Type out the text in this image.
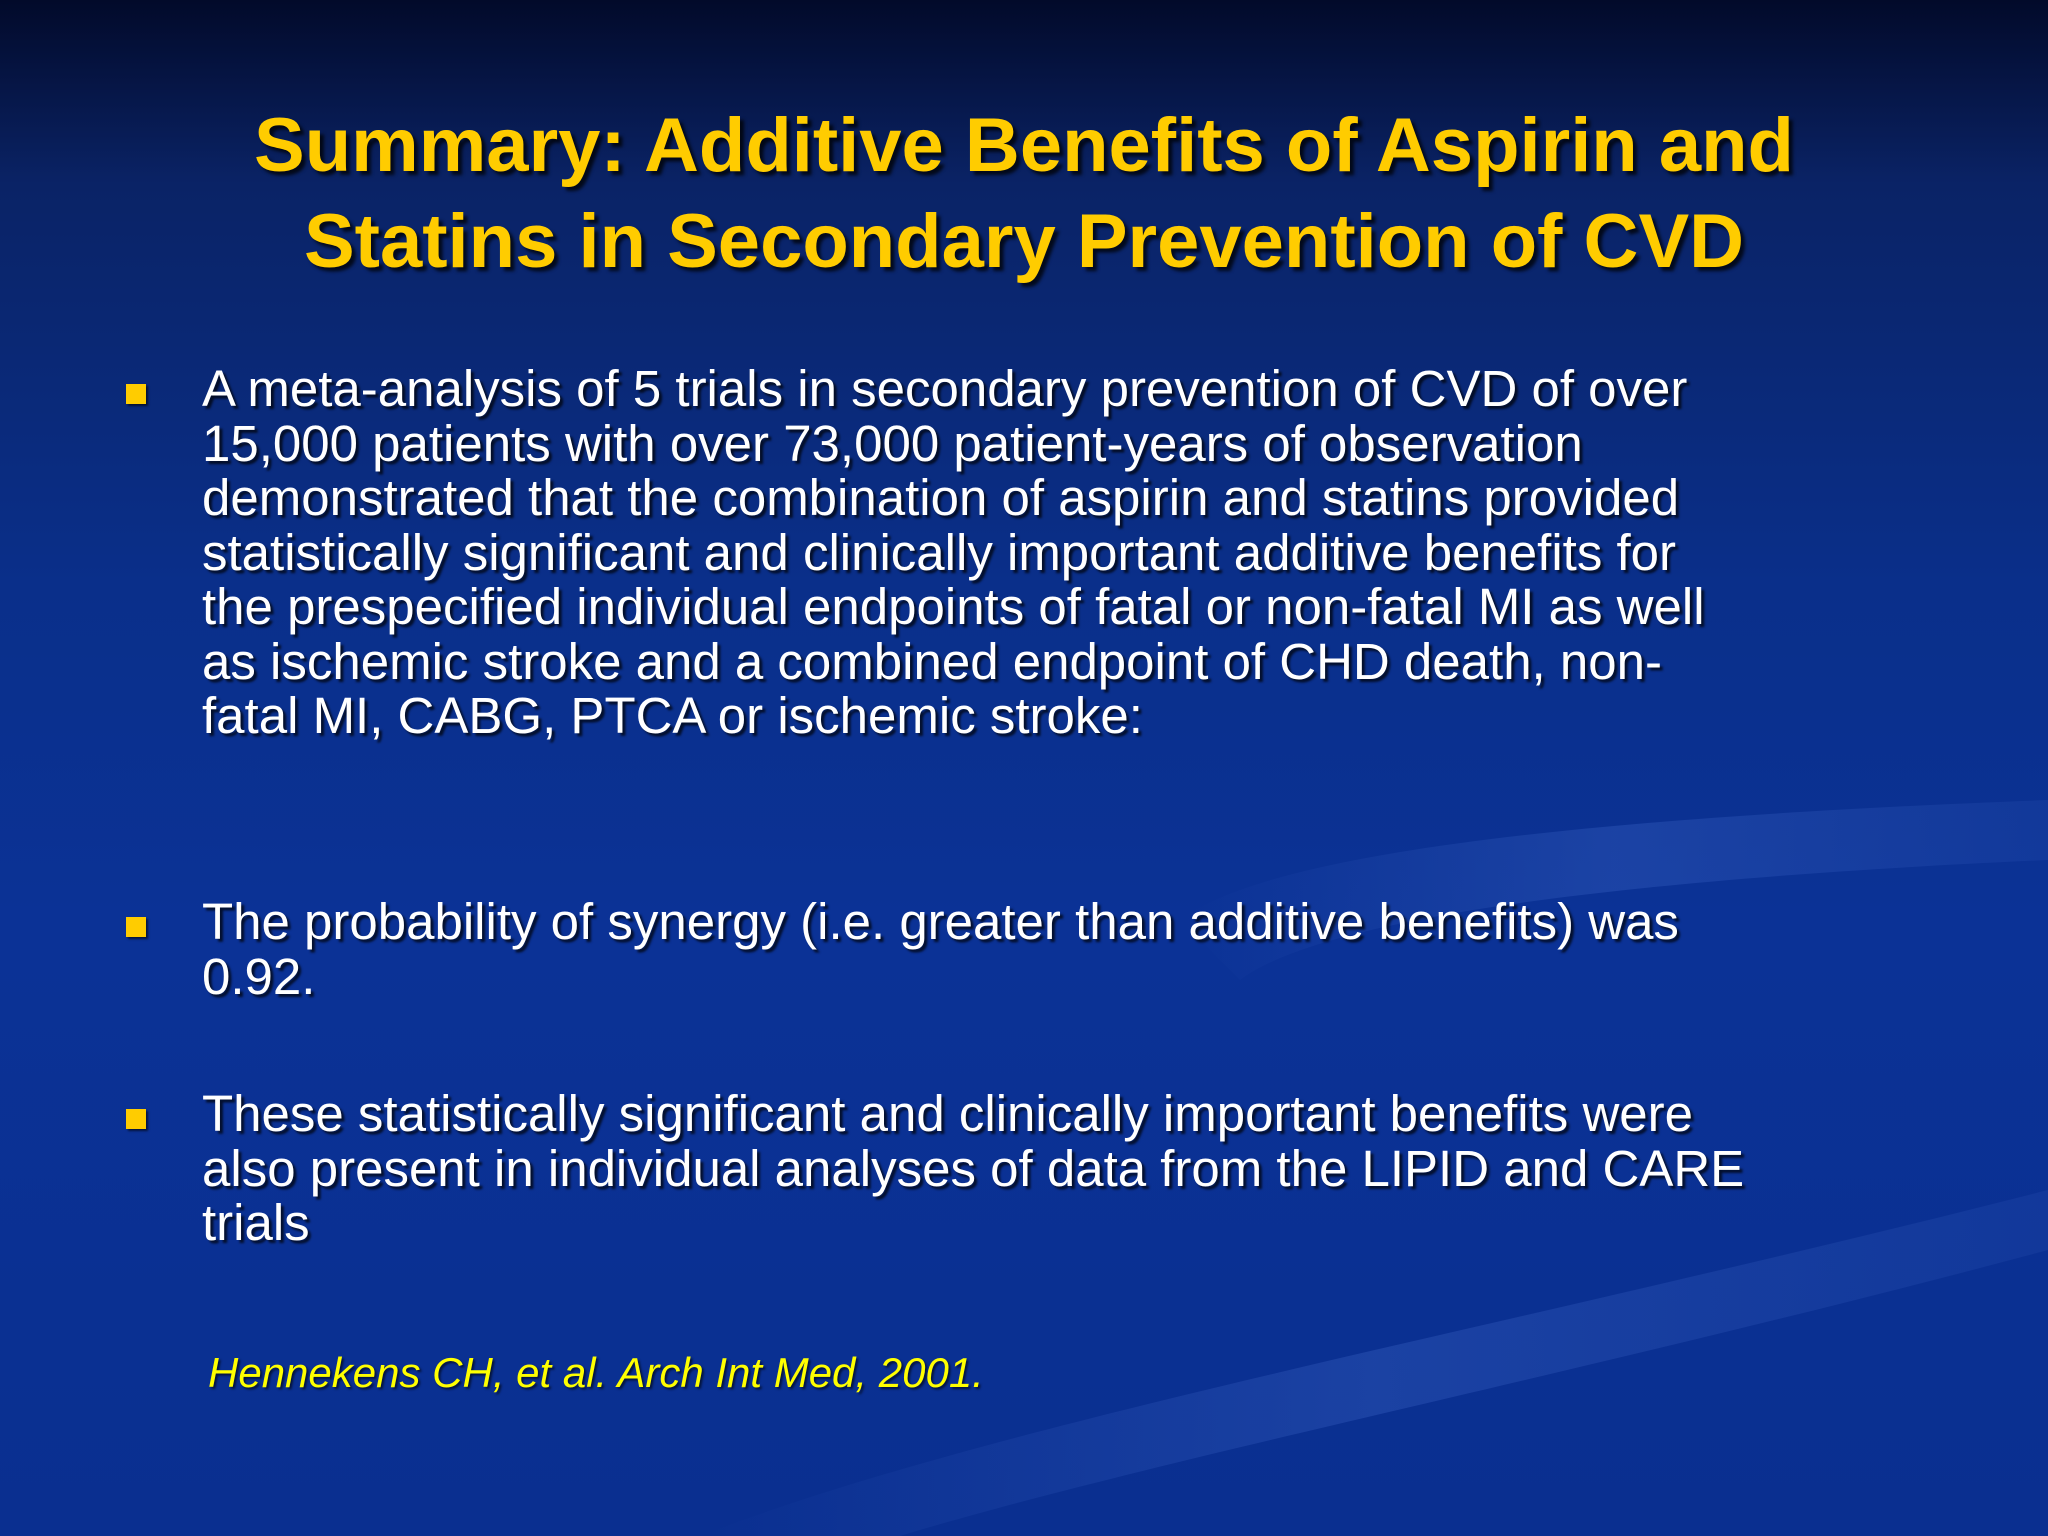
Summary: Additive Benefits of Aspirin and
Statins in Secondary Prevention of CVD
A meta-analysis of 5 trials in secondary prevention of CVD of over
15,000 patients with over 73,000 patient-years of observation
demonstrated that the combination of aspirin and statins provided
statistically significant and clinically important additive benefits for
the prespecified individual endpoints of fatal or non-fatal MI as well
as ischemic stroke and a combined endpoint of CHD death, non-
fatal MI, CABG, PTCA or ischemic stroke:
The probability of synergy (i.e. greater than additive benefits) was
0.92.
These statistically significant and clinically important benefits were
also present in individual analyses of data from the LIPID and CARE
trials
Hennekens CH, et al. Arch Int Med, 2001.
